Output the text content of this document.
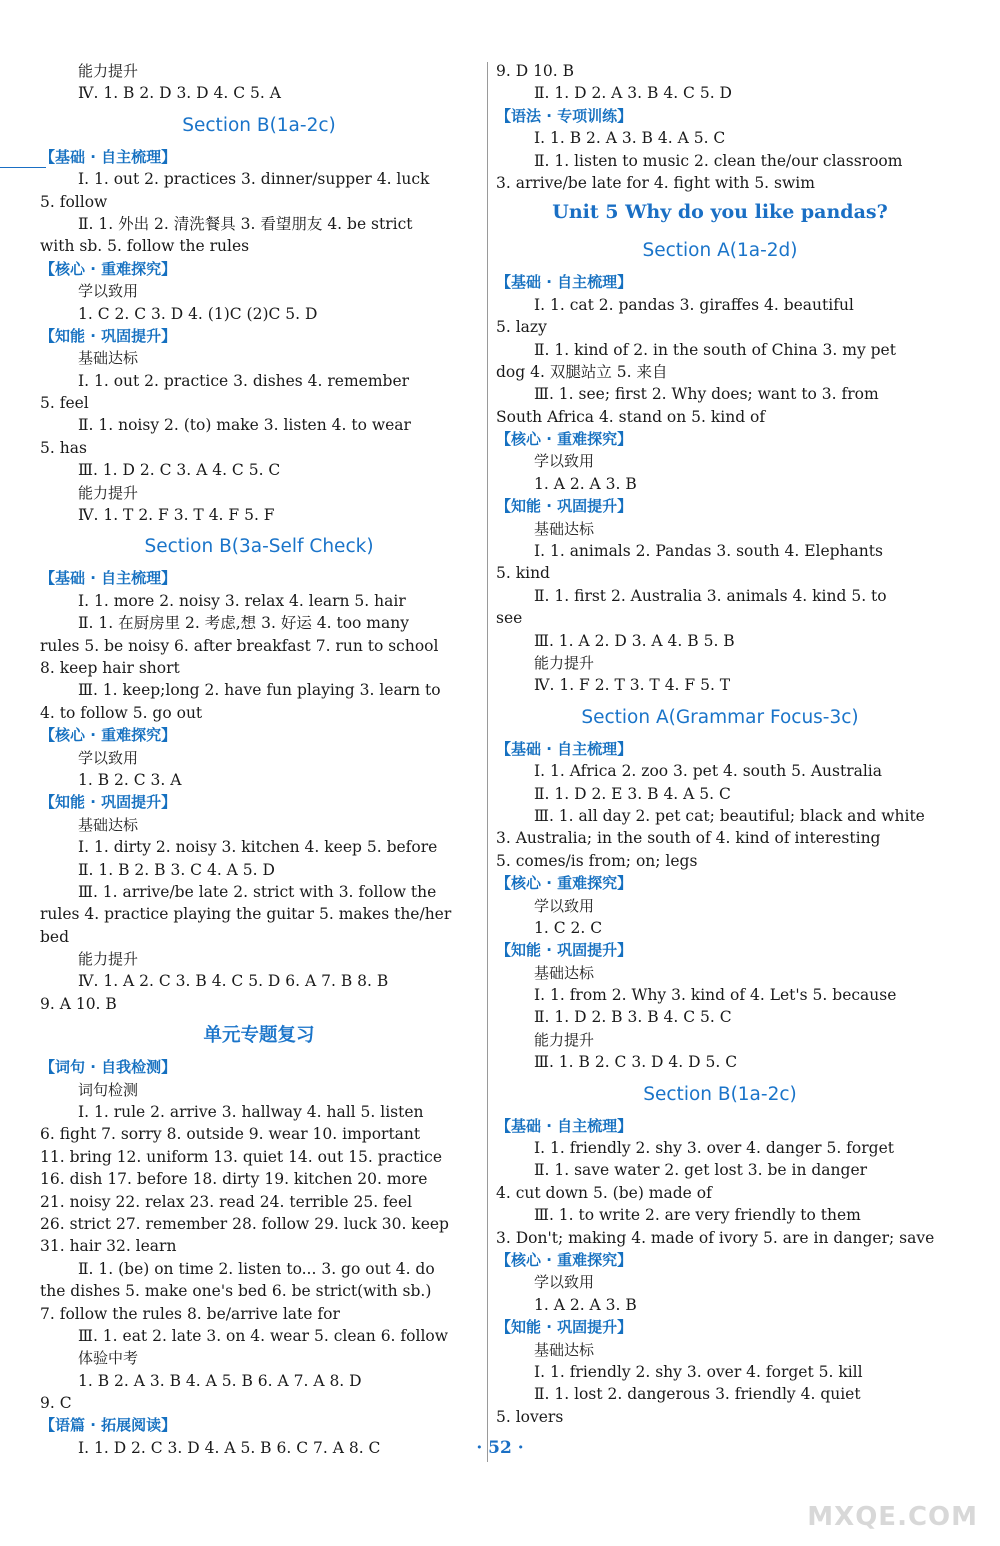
能力提升
Ⅳ. 1. B 2. D 3. D 4. C 5. A
Section B(1a-2c)
【基础 · 自主梳理】
Ⅰ. 1. out 2. practices 3. dinner/supper 4. luck
5. follow
Ⅱ. 1. 外出 2. 清洗餐具 3. 看望朋友 4. be strict
with sb. 5. follow the rules
【核心 · 重难探究】
学以致用
1. C 2. C 3. D 4. (1)C (2)C 5. D
【知能 · 巩固提升】
基础达标
Ⅰ. 1. out 2. practice 3. dishes 4. remember
5. feel
Ⅱ. 1. noisy 2. (to) make 3. listen 4. to wear
5. has
Ⅲ. 1. D 2. C 3. A 4. C 5. C
能力提升
Ⅳ. 1. T 2. F 3. T 4. F 5. F
Section B(3a-Self Check)
【基础 · 自主梳理】
Ⅰ. 1. more 2. noisy 3. relax 4. learn 5. hair
Ⅱ. 1. 在厨房里 2. 考虑,想 3. 好运 4. too many
rules 5. be noisy 6. after breakfast 7. run to school
8. keep hair short
Ⅲ. 1. keep;long 2. have fun playing 3. learn to
4. to follow 5. go out
【核心 · 重难探究】
学以致用
1. B 2. C 3. A
【知能 · 巩固提升】
基础达标
Ⅰ. 1. dirty 2. noisy 3. kitchen 4. keep 5. before
Ⅱ. 1. B 2. B 3. C 4. A 5. D
Ⅲ. 1. arrive/be late 2. strict with 3. follow the
rules 4. practice playing the guitar 5. makes the/her
bed
能力提升
Ⅳ. 1. A 2. C 3. B 4. C 5. D 6. A 7. B 8. B
9. A 10. B
单元专题复习
【词句 · 自我检测】
词句检测
Ⅰ. 1. rule 2. arrive 3. hallway 4. hall 5. listen
6. fight 7. sorry 8. outside 9. wear 10. important
11. bring 12. uniform 13. quiet 14. out 15. practice
16. dish 17. before 18. dirty 19. kitchen 20. more
21. noisy 22. relax 23. read 24. terrible 25. feel
26. strict 27. remember 28. follow 29. luck 30. keep
31. hair 32. learn
Ⅱ. 1. (be) on time 2. listen to... 3. go out 4. do
the dishes 5. make one's bed 6. be strict(with sb.)
7. follow the rules 8. be/arrive late for
Ⅲ. 1. eat 2. late 3. on 4. wear 5. clean 6. follow
体验中考
1. B 2. A 3. B 4. A 5. B 6. A 7. A 8. D
9. C
【语篇 · 拓展阅读】
Ⅰ. 1. D 2. C 3. D 4. A 5. B 6. C 7. A 8. C
9. D 10. B
Ⅱ. 1. D 2. A 3. B 4. C 5. D
【语法 · 专项训练】
Ⅰ. 1. B 2. A 3. B 4. A 5. C
Ⅱ. 1. listen to music 2. clean the/our classroom
3. arrive/be late for 4. fight with 5. swim
Unit 5 Why do you like pandas?
Section A(1a-2d)
【基础 · 自主梳理】
Ⅰ. 1. cat 2. pandas 3. giraffes 4. beautiful
5. lazy
Ⅱ. 1. kind of 2. in the south of China 3. my pet
dog 4. 双腿站立 5. 来自
Ⅲ. 1. see; first 2. Why does; want to 3. from
South Africa 4. stand on 5. kind of
【核心 · 重难探究】
学以致用
1. A 2. A 3. B
【知能 · 巩固提升】
基础达标
Ⅰ. 1. animals 2. Pandas 3. south 4. Elephants
5. kind
Ⅱ. 1. first 2. Australia 3. animals 4. kind 5. to
see
Ⅲ. 1. A 2. D 3. A 4. B 5. B
能力提升
Ⅳ. 1. F 2. T 3. T 4. F 5. T
Section A(Grammar Focus-3c)
【基础 · 自主梳理】
Ⅰ. 1. Africa 2. zoo 3. pet 4. south 5. Australia
Ⅱ. 1. D 2. E 3. B 4. A 5. C
Ⅲ. 1. all day 2. pet cat; beautiful; black and white
3. Australia; in the south of 4. kind of interesting
5. comes/is from; on; legs
【核心 · 重难探究】
学以致用
1. C 2. C
【知能 · 巩固提升】
基础达标
Ⅰ. 1. from 2. Why 3. kind of 4. Let's 5. because
Ⅱ. 1. D 2. B 3. B 4. C 5. C
能力提升
Ⅲ. 1. B 2. C 3. D 4. D 5. C
Section B(1a-2c)
【基础 · 自主梳理】
Ⅰ. 1. friendly 2. shy 3. over 4. danger 5. forget
Ⅱ. 1. save water 2. get lost 3. be in danger
4. cut down 5. (be) made of
Ⅲ. 1. to write 2. are very friendly to them
3. Don't; making 4. made of ivory 5. are in danger; save
【核心 · 重难探究】
学以致用
1. A 2. A 3. B
【知能 · 巩固提升】
基础达标
Ⅰ. 1. friendly 2. shy 3. over 4. forget 5. kill
Ⅱ. 1. lost 2. dangerous 3. friendly 4. quiet
5. lovers
· 52 ·
MXQE.COM
